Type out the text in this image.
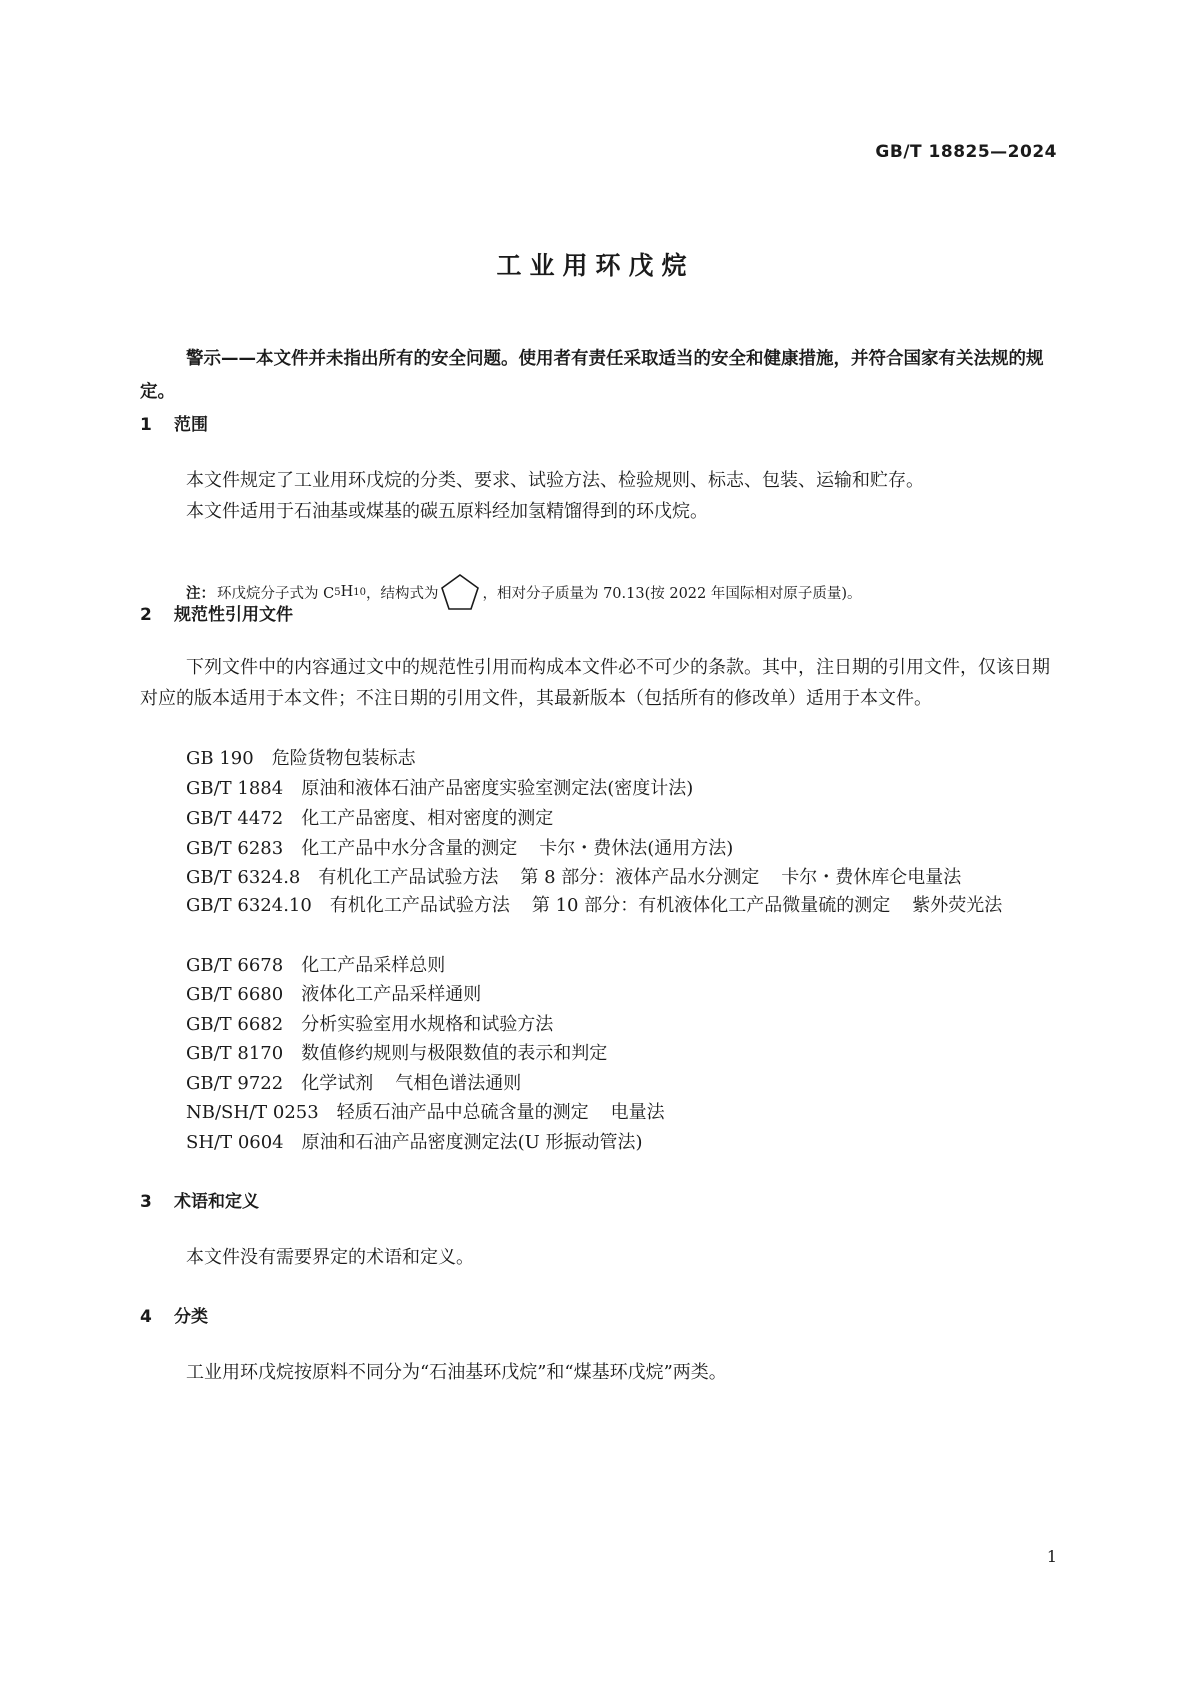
GB/T 18825—2024
工业用环戊烷
警示——本文件并未指出所有的安全问题。使用者有责任采取适当的安全和健康措施，并符合国家有关法规的规定。
1 范围
本文件规定了工业用环戊烷的分类、要求、试验方法、检验规则、标志、包装、运输和贮存。
本文件适用于石油基或煤基的碳五原料经加氢精馏得到的环戊烷。
注： 环戊烷分子式为 C 5 H 10 ，结构式为	，相对分子质量为 70.13(按 2022 年国际相对原子质量)。
2 规范性引用文件
下列文件中的内容通过文中的规范性引用而构成本文件必不可少的条款。其中，注日期的引用文件，仅该日期对应的版本适用于本文件；不注日期的引用文件，其最新版本（包括所有的修改单）适用于本文件。
GB 190 危险货物包装标志
GB/T 1884 原油和液体石油产品密度实验室测定法(密度计法)
GB/T 4472 化工产品密度、相对密度的测定
GB/T 6283 化工产品中水分含量的测定 卡尔・费休法(通用方法)
GB/T 6324.8 有机化工产品试验方法 第 8 部分：液体产品水分测定 卡尔・费休库仑电量法
GB/T 6324.10 有机化工产品试验方法 第 10 部分：有机液体化工产品微量硫的测定 紫外荧光法
GB/T 6678 化工产品采样总则
GB/T 6680 液体化工产品采样通则
GB/T 6682 分析实验室用水规格和试验方法
GB/T 8170 数值修约规则与极限数值的表示和判定
GB/T 9722 化学试剂 气相色谱法通则
NB/SH/T 0253 轻质石油产品中总硫含量的测定 电量法
SH/T 0604 原油和石油产品密度测定法(U 形振动管法)
3 术语和定义
本文件没有需要界定的术语和定义。
4 分类
工业用环戊烷按原料不同分为“石油基环戊烷”和“煤基环戊烷”两类。
1
